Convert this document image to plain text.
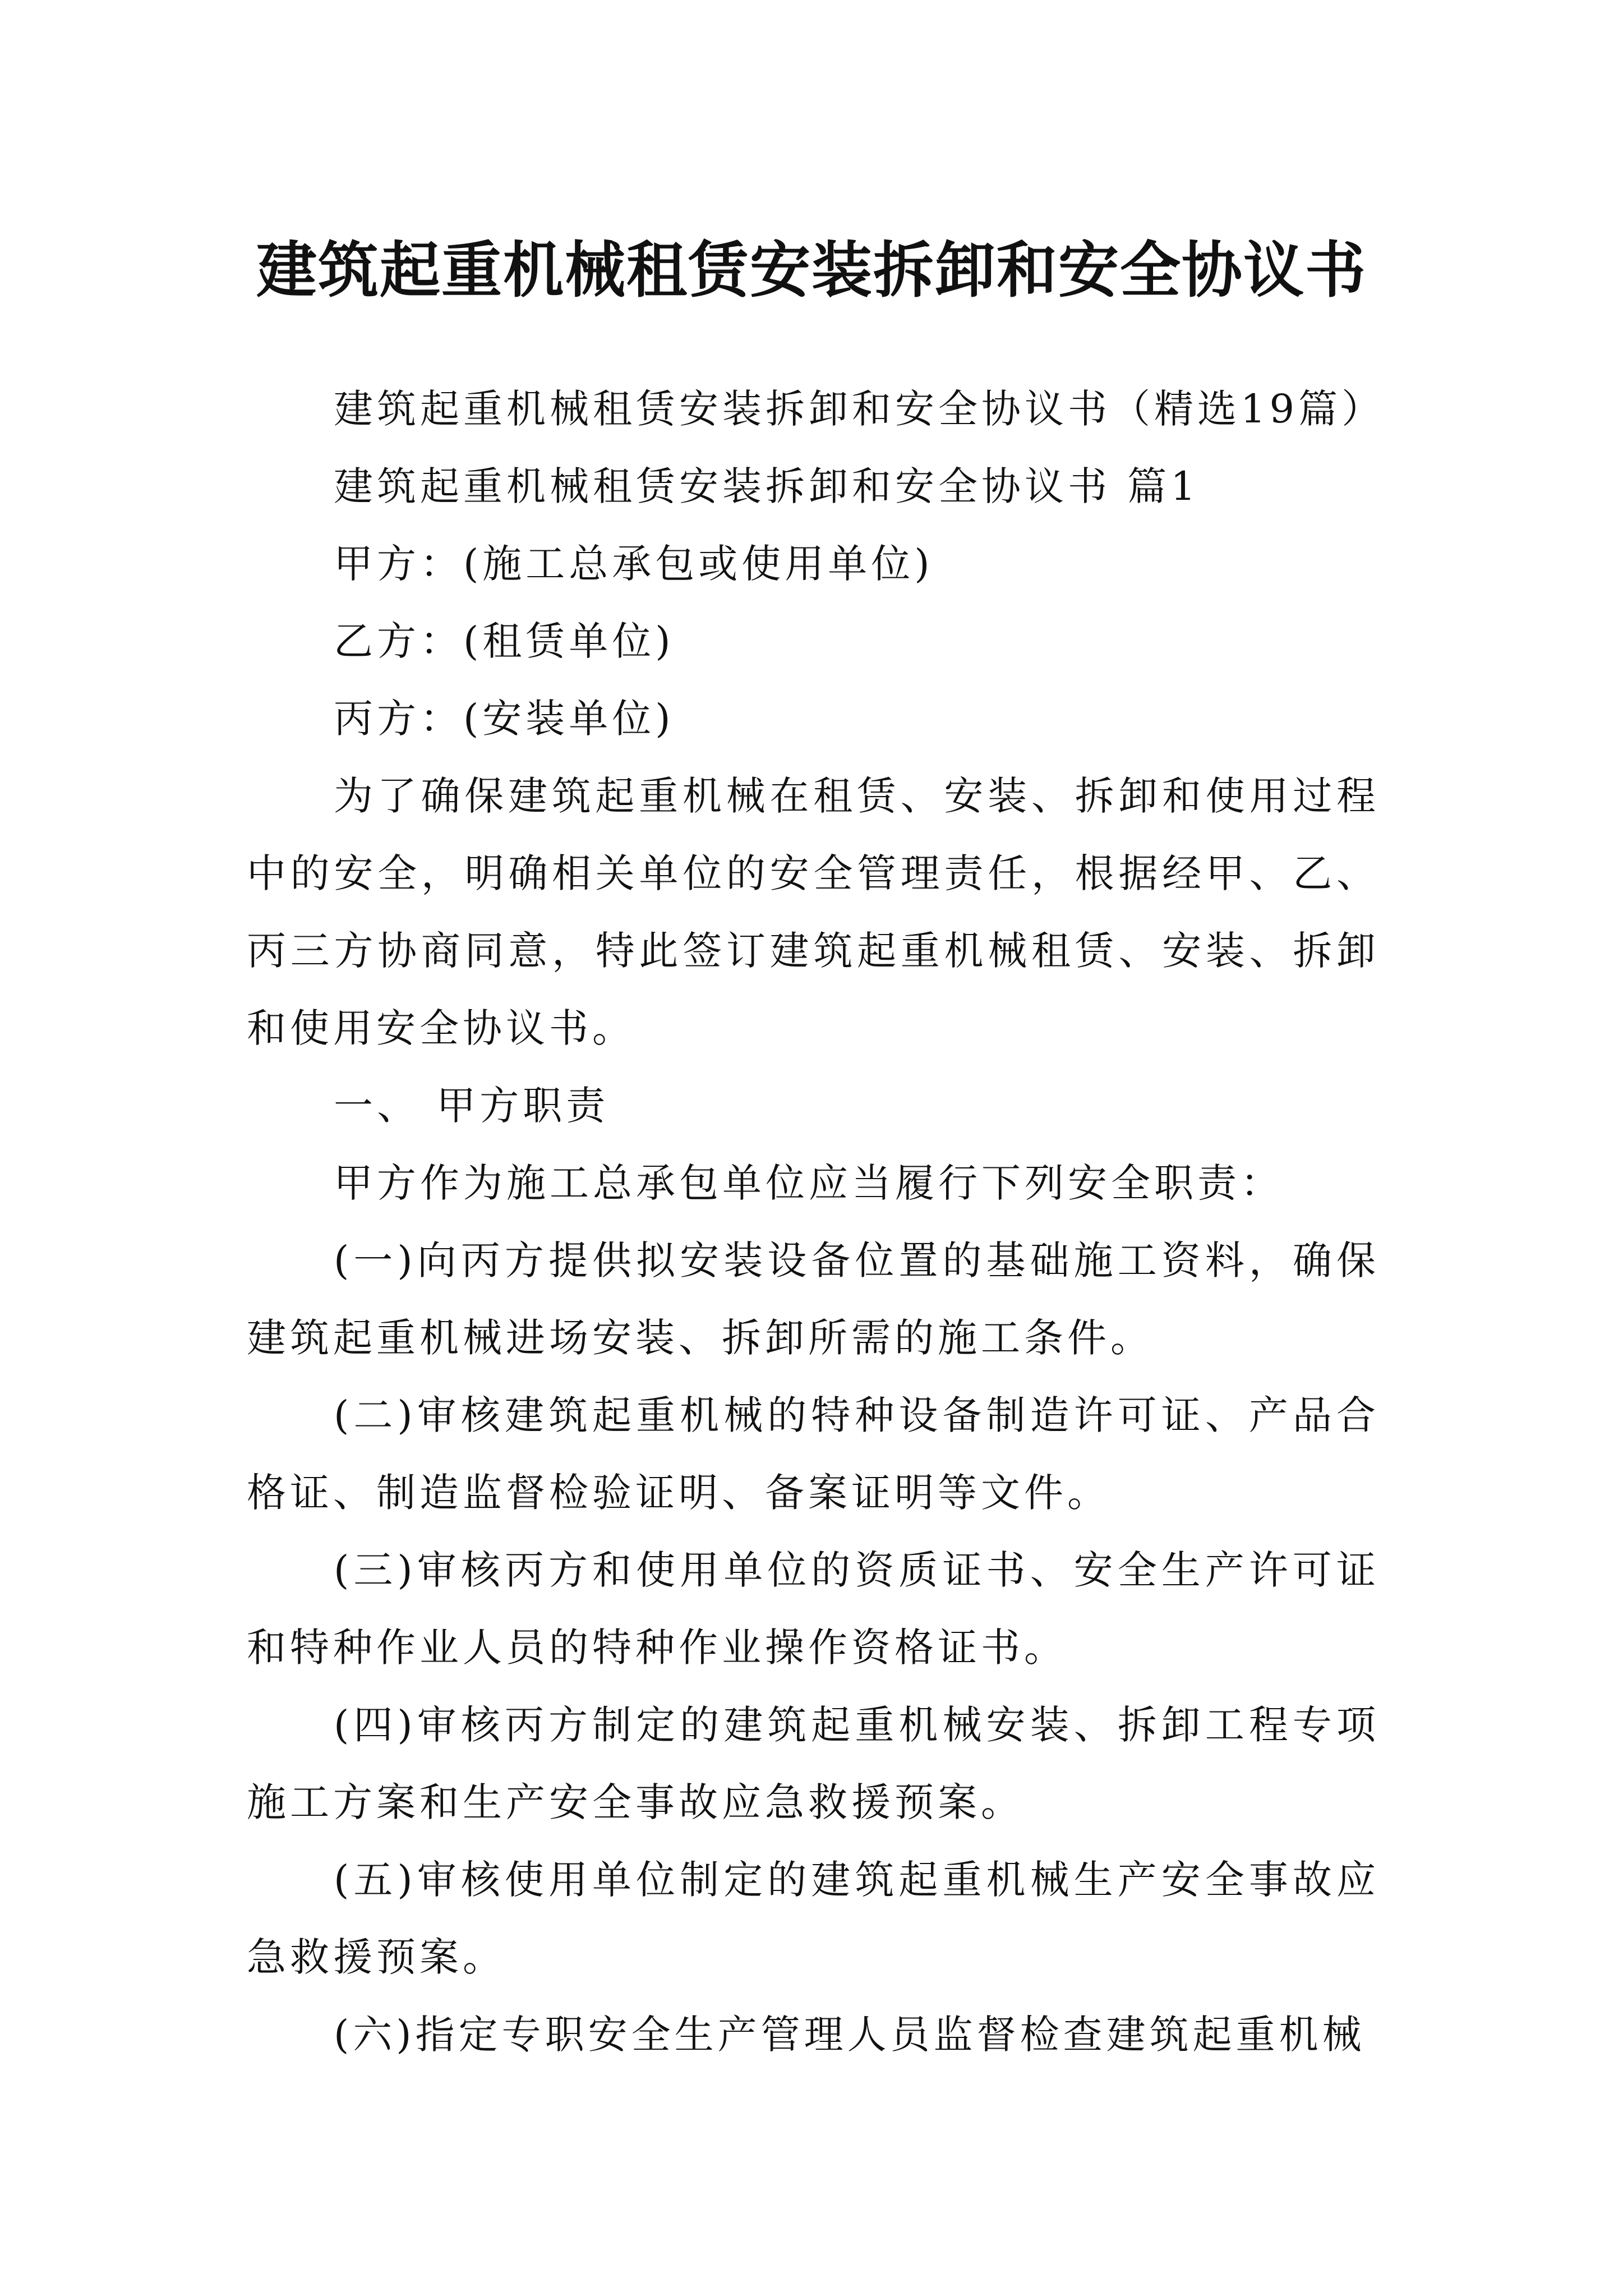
建筑起重机械租赁安装拆卸和安全协议书

建筑起重机械租赁安装拆卸和安全协议书（精选19篇）

建筑起重机械租赁安装拆卸和安全协议书 篇1

甲方：(施工总承包或使用单位)

乙方：(租赁单位)

丙方：(安装单位)

为了确保建筑起重机械在租赁、安装、拆卸和使用过程中的安全，明确相关单位的安全管理责任，根据经甲、乙、丙三方协商同意，特此签订建筑起重机械租赁、安装、拆卸和使用安全协议书。

一、 甲方职责

甲方作为施工总承包单位应当履行下列安全职责：

(一)向丙方提供拟安装设备位置的基础施工资料，确保建筑起重机械进场安装、拆卸所需的施工条件。

(二)审核建筑起重机械的特种设备制造许可证、产品合格证、制造监督检验证明、备案证明等文件。

(三)审核丙方和使用单位的资质证书、安全生产许可证和特种作业人员的特种作业操作资格证书。

(四)审核丙方制定的建筑起重机械安装、拆卸工程专项施工方案和生产安全事故应急救援预案。

(五)审核使用单位制定的建筑起重机械生产安全事故应急救援预案。

(六)指定专职安全生产管理人员监督检查建筑起重机械
